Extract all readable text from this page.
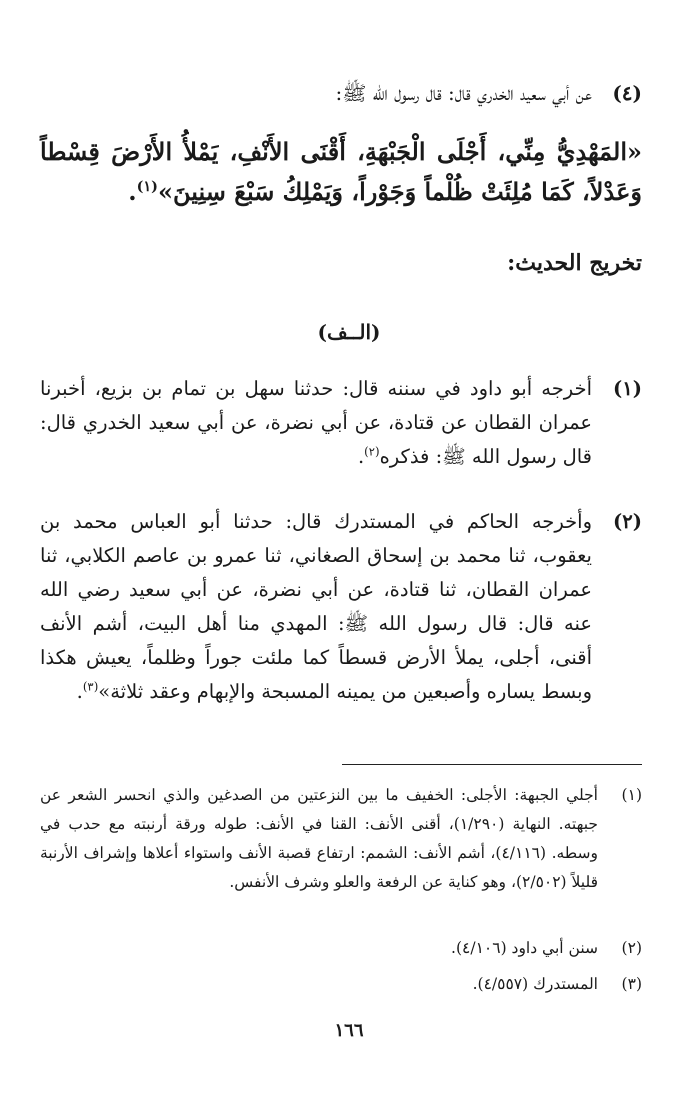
(٤)
عن أبي سعيد الخدري قال: قال رسول الله ﷺ:
«المَهْدِيُّ مِنِّي، أَجْلَى الْجَبْهَةِ، أَقْنَى الأَنْفِ، يَمْلأُ الأَرْضَ قِسْطاً وَعَدْلاً، كَمَا مُلِئَتْ ظُلْماً وَجَوْراً، وَيَمْلِكُ سَبْعَ سِنِينَ»$^{(١)}$.
تخريج الحديث:
(الــف)
(١)
أخرجه أبو داود في سننه قال: حدثنا سهل بن تمام بن بزيع، أخبرنا عمران القطان عن قتادة، عن أبي نضرة، عن أبي سعيد الخدري قال: قال رسول الله ﷺ: فذكره$^{(٢)}$.
(٢)
وأخرجه الحاكم في المستدرك قال: حدثنا أبو العباس محمد بن يعقوب، ثنا محمد بن إسحاق الصغاني، ثنا عمرو بن عاصم الكلابي، ثنا عمران القطان، ثنا قتادة، عن أبي نضرة، عن أبي سعيد رضي الله عنه قال: قال رسول الله ﷺ: المهدي منا أهل البيت، أشم الأنف أقنى، أجلى، يملأ الأرض قسطاً كما ملئت جوراً وظلماً، يعيش هكذا وبسط يساره وأصبعين من يمينه المسبحة والإبهام وعقد ثلاثة»$^{(٣)}$.
(١)
أجلي الجبهة: الأجلى: الخفيف ما بين النزعتين من الصدغين والذي انحسر الشعر عن جبهته. النهاية (١/٢٩٠)، أقنى الأنف: القنا في الأنف: طوله ورقة أرنبته مع حدب في وسطه. (٤/١١٦)، أشم الأنف: الشمم: ارتفاع قصبة الأنف واستواء أعلاها وإشراف الأرنبة قليلاً (٢/٥٠٢)، وهو كناية عن الرفعة والعلو وشرف الأنفس.
(٢)
سنن أبي داود (٤/١٠٦).
(٣)
المستدرك (٤/٥٥٧).
١٦٦
